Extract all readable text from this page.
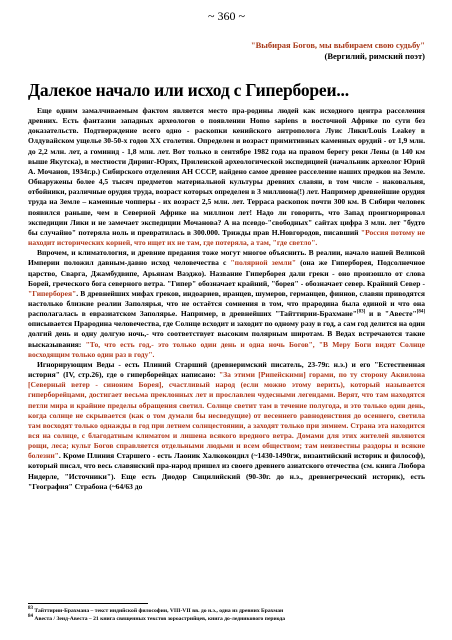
~ 360 ~
"Выбирая Богов, мы выбираем свою судьбу"
(Вергилий, римский поэт)
Далекое начало или исход с Гипербореи...

Еще одним замалчиваемым фактом является место пра-родины людей как исходного центра расселения древних. Есть фантазии западных археологов о появлении Homo sapiens в восточной Африке по сути без доказательств. Подтверждение всего одно - раскопки кенийского антрополога Луис Лики/Louis Leakey в Олдувайском ущелье 30-50-х годов XX столетия. Определен и возраст примитивных каменных орудий - от 1,9 млн. до 2,2 млн. лет, а гоминид - 1,8 млн. лет. Вот только в сентябре 1982 года на правом берегу реки Лены (в 140 км выше Якутска), в местности Диринг-Юрях, Приленской археологической экспедицией (начальник археолог Юрий А. Мочанов, 1934г.р.) Сибирского отделения АН СССР, найдено самое древнее расселение наших предков на Земле. Обнаружены более 4,5 тысяч предметов материальной культуры древних славян, в том числе - наковальня, отбойники, различные орудия труда, возраст которых определен в 3 миллиона(!) лет. Например древнейшие орудия труда на Земле – каменные чопперы - их возраст 2,5 млн. лет. Терраса раскопок почти 300 км. В Сибири человек появился раньше, чем в Северной Африке на миллион лет! Надо ли говорить, что Запад проигнорировал экспедиции Лики и не замечает экспедиции Мочанова? А на псевдо-"свободных" сайтах цифра 3 млн. лет "будто бы случайно" потеряла ноль и превратилась в 300.000. Трижды прав Н.Новгородов, писавший "Россия потому не находит исторических корней, что ищет их не там, где потеряла, а там, "где светло".

Впрочем, и климатология, и древние предания тоже могут многое объяснить. В реалии, начало нашей Великой Империи положил давным-давно исход человечества с "полярной земли" (она же Гиперборея, Подсолнечное царство, Сварга, Джамбудвипе, Арьянам Ваэджо). Название Гиперборея дали греки - оно произошло от слова Борей, греческого бога северного ветра. "Гипер" обозначает крайний, "борея" - обозначает север. Крайний Север - "Гиперборея". В древнейших мифах греков, индоариев, иранцев, шумеров, германцев, финнов, славян приводятся настолько близкие реалии Заполярья, что не остаётся сомнения в том, что прародина была единой и что она располагалась в евразиатском Заполярье. Например, в древнейших "Тайттирии-Брахмане"[83] и в "Авесте"[84] описывается Прародина человечества, где Солнце всходит и заходит по одному разу в год, а сам год делится на один долгий день и одну долгую ночь,- что соответствует высоким полярным широтам. В Ведах встречаются такие высказывания: "То, что есть год,- это только один день и одна ночь Богов", "В Меру Боги видят Солнце восходящим только один раз в году".

Игнорирующим Веды - есть Плиний Старший (древнеримский писатель, 23-79г. н.э.) и его "Естественная история" (IV, стр.26), где о гиперборейцах написано: "За этими [Рипейскими] горами, по ту сторону Аквилона [Северный ветер - синоним Борея], счастливый народ (если можно этому верить), который называется гиперборейцами, достигает весьма преклонных лет и прославлен чудесными легендами. Верят, что там находятся петли мира и крайние пределы обращения светил. Солнце светит там в течение полугода, и это только один день, когда солнце не скрывается (как о том думали бы несведущие) от весеннего равноденствия до осеннего, светила там восходят только однажды в год при летнем солнцестоянии, а заходят только при зимнем. Страна эта находится вся на солнце, с благодатным климатом и лишена всякого вредного ветра. Домами для этих жителей являются рощи, леса; культ Богов справляется отдельными людьми и всем обществом; там неизвестны раздоры и всякие болезни". Кроме Плиния Старшего - есть Лаоник Халкокондил (~1430-1490гж, византийский историк и философ), который писал, что весь славянский пра-народ пришел из своего древнего азиатского отечества (см. книга Любора Нидерле, "Источники"). Еще есть Диодор Сицилийский (90-30г. до н.э., древнегреческий историк), есть "География" Страбона (~64/63 до

$^{83}$ Тайттирии-Брахмана – текст индийской философии, VIII-VII вв. до н.э., одна из древних Брахман

$^{84}$ Авеста / Зенд-Авеста – 21 книга священных текстов зороастрийцев, книга до-ледникового периода
